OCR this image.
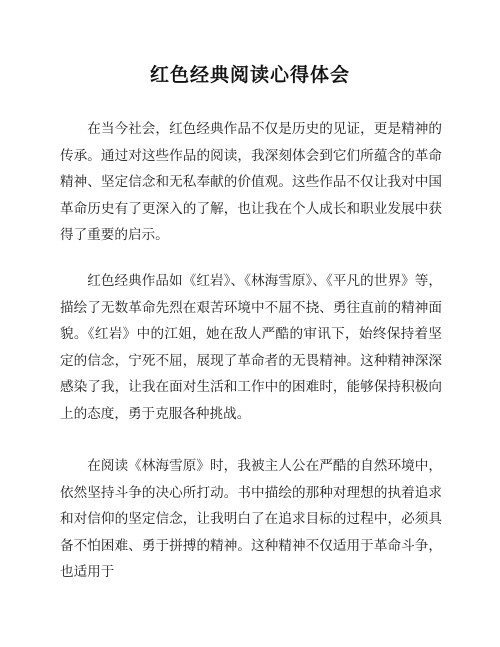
红色经典阅读心得体会

在当今社会，红色经典作品不仅是历史的见证，更是精神的传承。通过对这些作品的阅读，我深刻体会到它们所蕴含的革命精神、坚定信念和无私奉献的价值观。这些作品不仅让我对中国革命历史有了更深入的了解，也让我在个人成长和职业发展中获得了重要的启示。

红色经典作品如《红岩》、《林海雪原》、《平凡的世界》等，描绘了无数革命先烈在艰苦环境中不屈不挠、勇往直前的精神面貌。《红岩》中的江姐，她在敌人严酷的审讯下，始终保持着坚定的信念，宁死不屈，展现了革命者的无畏精神。这种精神深深感染了我，让我在面对生活和工作中的困难时，能够保持积极向上的态度，勇于克服各种挑战。

在阅读《林海雪原》时，我被主人公在严酷的自然环境中，依然坚持斗争的决心所打动。书中描绘的那种对理想的执着追求和对信仰的坚定信念，让我明白了在追求目标的过程中，必须具备不怕困难、勇于拼搏的精神。这种精神不仅适用于革命斗争，也适用于
